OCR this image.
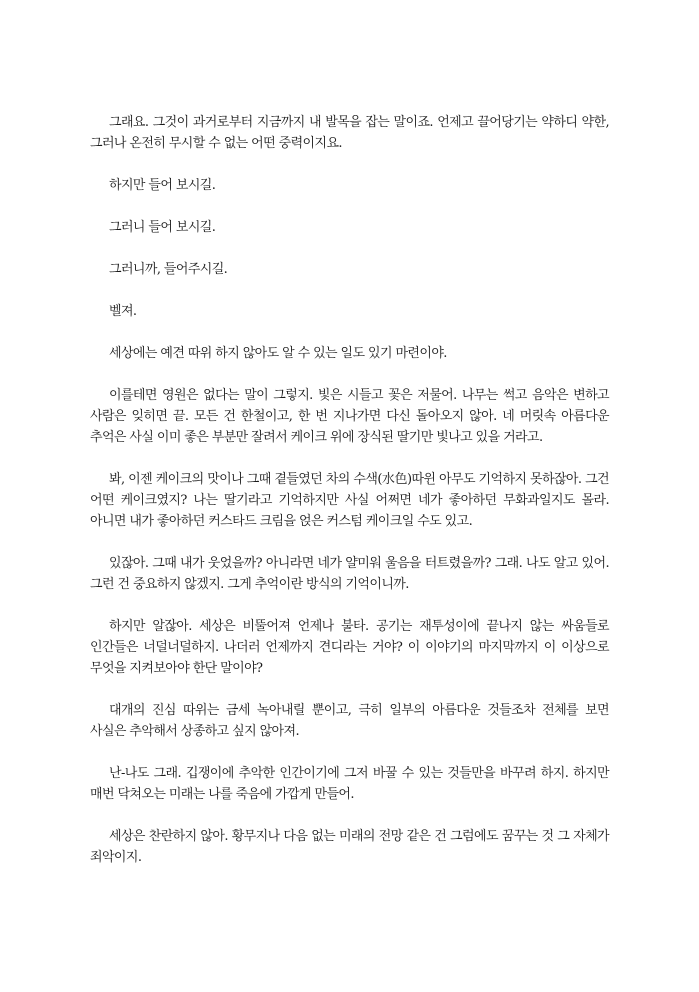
그래요. 그것이 과거로부터 지금까지 내 발목을 잡는 말이죠. 언제고 끌어당기는 약하디 약한, 그러나 온전히 무시할 수 없는 어떤 중력이지요.

하지만 들어 보시길.

그러니 들어 보시길.

그러니까, 들어주시길.

벨져.

세상에는 예견 따위 하지 않아도 알 수 있는 일도 있기 마련이야.

이를테면 영원은 없다는 말이 그렇지. 빛은 시들고 꽃은 저물어. 나무는 썩고 음악은 변하고 사람은 잊히면 끝. 모든 건 한철이고, 한 번 지나가면 다신 돌아오지 않아. 네 머릿속 아름다운 추억은 사실 이미 좋은 부분만 잘려서 케이크 위에 장식된 딸기만 빛나고 있을 거라고.

봐, 이젠 케이크의 맛이나 그때 곁들였던 차의 수색(水色)따윈 아무도 기억하지 못하잖아. 그건 어떤 케이크였지? 나는 딸기라고 기억하지만 사실 어쩌면 네가 좋아하던 무화과일지도 몰라. 아니면 내가 좋아하던 커스타드 크림을 얹은 커스텀 케이크일 수도 있고.

있잖아. 그때 내가 웃었을까? 아니라면 네가 얄미워 울음을 터트렸을까? 그래. 나도 알고 있어. 그런 건 중요하지 않겠지. 그게 추억이란 방식의 기억이니까.

하지만 알잖아. 세상은 비뚤어져 언제나 불타. 공기는 재투성이에 끝나지 않는 싸움들로 인간들은 너덜너덜하지. 나더러 언제까지 견디라는 거야? 이 이야기의 마지막까지 이 이상으로 무엇을 지켜보아야 한단 말이야?

대개의 진심 따위는 금세 녹아내릴 뿐이고, 극히 일부의 아름다운 것들조차 전체를 보면 사실은 추악해서 상종하고 싶지 않아져.

난-나도 그래. 깁쟁이에 추악한 인간이기에 그저 바꿀 수 있는 것들만을 바꾸려 하지. 하지만 매번 닥쳐오는 미래는 나를 죽음에 가깝게 만들어.

세상은 찬란하지 않아. 황무지나 다음 없는 미래의 전망 같은 건 그럼에도 꿈꾸는 것 그 자체가 죄악이지.
